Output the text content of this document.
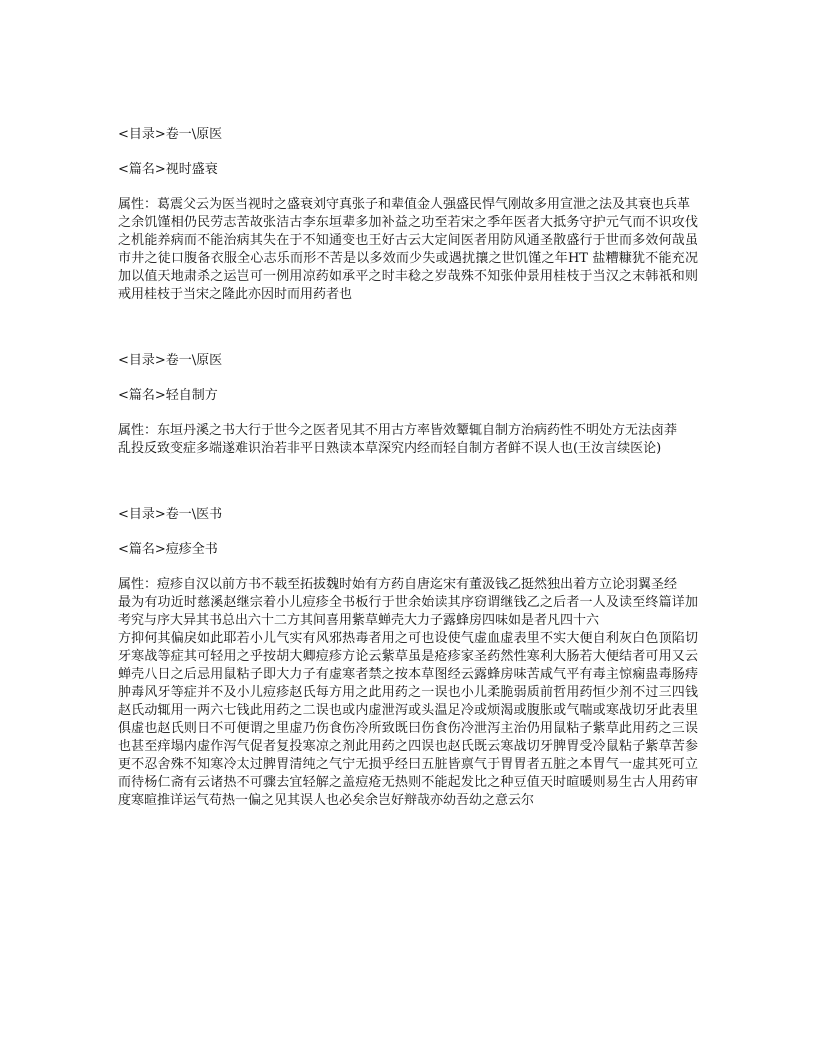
<目录>卷一\原医

<篇名>视时盛衰

属性：葛震父云为医当视时之盛衰刘守真张子和辈值金人强盛民悍气刚故多用宣泄之法及其衰也兵革

之余饥馑相仍民劳志苦故张洁古李东垣辈多加补益之功至若宋之季年医者大抵务守护元气而不识攻伐之机能养病而不能治病其失在于不知通变也王好古云大定间医者用防风通圣散盛行于世而多效何哉虽市井之徒口腹备衣服全心志乐而形不苦是以多效而少失或遇扰攘之世饥馑之年HT 盐糟糠犹不能充况加以值天地肃杀之运岂可一例用凉药如承平之时丰稔之岁哉殊不知张仲景用桂枝于当汉之末韩祇和则戒用桂枝于当宋之隆此亦因时而用药者也

<目录>卷一\原医

<篇名>轻自制方

属性：东垣丹溪之书大行于世今之医者见其不用古方率皆效颦辄自制方治病药性不明处方无法卤莽

乱投反致变症多端遂难识治若非平日熟读本草深究内经而轻自制方者鲜不误人也(王汝言续医论)

<目录>卷一\医书

<篇名>痘疹全书

属性：痘疹自汉以前方书不载至拓拔魏时始有方药自唐迄宋有董汲钱乙挺然独出着方立论羽翼圣经

最为有功近时慈溪赵继宗着小儿痘疹全书板行于世余始读其序窃谓继钱乙之后者一人及读至终篇详加考究与序大异其书总出六十二方其间喜用紫草蝉壳大力子露蜂房四味如是者凡四十六

方抑何其偏戾如此耶若小儿气实有风邪热毒者用之可也设使气虚血虚表里不实大便自利灰白色顶陷切牙寒战等症其可轻用之乎按胡大卿痘疹方论云紫草虽是疮疹家圣药然性寒利大肠若大便结者可用又云蝉壳八日之后忌用鼠粘子即大力子有虚寒者禁之按本草图经云露蜂房味苦咸气平有毒主惊痫蛊毒肠痔肿毒风牙等症并不及小儿痘疹赵氏每方用之此用药之一误也小儿柔脆弱质前哲用药恒少剂不过三四钱赵氏动辄用一两六七钱此用药之二误也或内虚泄泻或头温足冷或烦渴或腹胀或气喘或寒战切牙此表里俱虚也赵氏则日不可便谓之里虚乃伤食伤冷所致既曰伤食伤冷泄泻主治仍用鼠粘子紫草此用药之三误也甚至痒塌内虚作泻气促者复投寒凉之剂此用药之四误也赵氏既云寒战切牙脾胃受冷鼠粘子紫草苦参更不忍舍殊不知寒冷太过脾胃清纯之气宁无损乎经曰五脏皆禀气于胃胃者五脏之本胃气一虚其死可立而待杨仁斋有云诸热不可骤去宜轻解之盖痘疮无热则不能起发比之种豆值天时暄暖则易生古人用药审度寒暄推详运气苟热一偏之见其误人也必矣余岂好辩哉亦幼吾幼之意云尔
